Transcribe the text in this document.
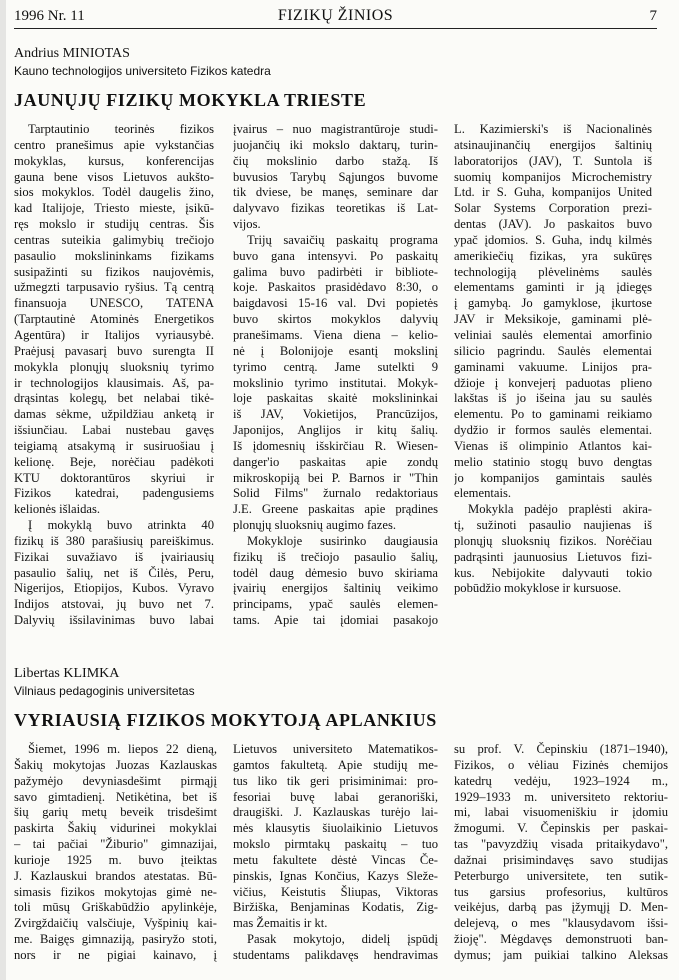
1996 Nr. 11	FIZIKŲ ŽINIOS	7
Andrius MINIOTAS
Kauno technologijos universiteto Fizikos katedra
JAUNŲJŲ FIZIKŲ MOKYKLA TRIESTE
Tarptautinio teorinės fizikos
centro pranešimus apie vykstančias
mokyklas, kursus, konferencijas
gauna bene visos Lietuvos aukšto-
sios mokyklos. Todėl daugelis žino,
kad Italijoje, Triesto mieste, įsikū-
ręs mokslo ir studijų centras. Šis
centras suteikia galimybių trečiojo
pasaulio mokslininkams fizikams
susipažinti su fizikos naujovėmis,
užmegzti tarpusavio ryšius. Tą centrą
finansuoja UNESCO, TATENA
(Tarptautinė Atominės Energetikos
Agentūra) ir Italijos vyriausybė.
Praėjusį pavasarį buvo surengta II
mokykla plonųjų sluoksnių tyrimo
ir technologijos klausimais. Aš, pa-
drąsintas kolegų, bet nelabai tikė-
damas sėkme, užpildžiau anketą ir
išsiunčiau. Labai nustebau gavęs
teigiamą atsakymą ir susiruošiau į
kelionę. Beje, norėčiau padėkoti
KTU doktorantūros skyriui ir
Fizikos katedrai, padengusiems
kelionės išlaidas.
Į mokyklą buvo atrinkta 40
fizikų iš 380 parašiusių pareiškimus.
Fizikai suvažiavo iš įvairiausių
pasaulio šalių, net iš Čilės, Peru,
Nigerijos, Etiopijos, Kubos. Vyravo
Indijos atstovai, jų buvo net 7.
Dalyvių išsilavinimas buvo labai
įvairus – nuo magistrantūroje studi-
juojančių iki mokslo daktarų, turin-
čių mokslinio darbo stažą. Iš
buvusios Tarybų Sąjungos buvome
tik dviese, be manęs, seminare dar
dalyvavo fizikas teoretikas iš Lat-
vijos.
Trijų savaičių paskaitų programa
buvo gana intensyvi. Po paskaitų
galima buvo padirbėti ir bibliote-
koje. Paskaitos prasidėdavo 8:30, o
baigdavosi 15-16 val. Dvi popietės
buvo skirtos mokyklos dalyvių
pranešimams. Viena diena – kelio-
nė į Bolonijoje esantį mokslinį
tyrimo centrą. Jame sutelkti 9
mokslinio tyrimo institutai. Mokyk-
loje paskaitas skaitė mokslininkai
iš JAV, Vokietijos, Prancūzijos,
Japonijos, Anglijos ir kitų šalių.
Iš įdomesnių išskirčiau R. Wiesen-
danger'io paskaitas apie zondų
mikroskopiją bei P. Barnos ir "Thin
Solid Films" žurnalo redaktoriaus
J.E. Greene paskaitas apie prądines
plonųjų sluoksnių augimo fazes.
Mokykloje susirinko daugiausia
fizikų iš trečiojo pasaulio šalių,
todėl daug dėmesio buvo skiriama
įvairių energijos šaltinių veikimo
principams, ypač saulės elemen-
tams. Apie tai įdomiai pasakojo
L. Kazimierski's iš Nacionalinės
atsinaujinančių energijos šaltinių
laboratorijos (JAV), T. Suntola iš
suomių kompanijos Microchemistry
Ltd. ir S. Guha, kompanijos United
Solar Systems Corporation prezi-
dentas (JAV). Jo paskaitos buvo
ypač įdomios. S. Guha, indų kilmės
amerikiečių fizikas, yra sukūręs
technologiją plėvelinėms saulės
elementams gaminti ir ją įdiegęs
į gamybą. Jo gamyklose, įkurtose
JAV ir Meksikoje, gaminami plė-
veliniai saulės elementai amorfinio
silicio pagrindu. Saulės elementai
gaminami vakuume. Linijos pra-
džioje į konvejerį paduotas plieno
lakštas iš jo išeina jau su saulės
elementu. Po to gaminami reikiamo
dydžio ir formos saulės elementai.
Vienas iš olimpinio Atlantos kai-
melio statinio stogų buvo dengtas
jo kompanijos gamintais saulės
elementais.
Mokykla padėjo praplėsti akira-
tį, sužinoti pasaulio naujienas iš
plonųjų sluoksnių fizikos. Norėčiau
padrąsinti jaunuosius Lietuvos fizi-
kus. Nebijokite dalyvauti tokio
pobūdžio mokyklose ir kursuose.
Libertas KLIMKA
Vilniaus pedagoginis universitetas
VYRIAUSIĄ FIZIKOS MOKYTOJĄ APLANKIUS
Šiemet, 1996 m. liepos 22 dieną,
Šakių mokytojas Juozas Kazlauskas
pažymėjo devyniasdešimt pirmąjį
savo gimtadienį. Netikėtina, bet iš
šių garių metų beveik trisdešimt
paskirta Šakių vidurinei mokyklai
– tai pačiai "Žiburio" gimnazijai,
kurioje 1925 m. buvo įteiktas
J. Kazlauskui brandos atestatas. Bū-
simasis fizikos mokytojas gimė ne-
toli mūsų Griškabūdžio apylinkėje,
Zvirgždaičių valsčiuje, Vyšpinių kai-
me. Baigęs gimnaziją, pasiryžo stoti,
nors ir ne pigiai kainavo, į
Lietuvos universiteto Matematikos-
gamtos fakultetą. Apie studijų me-
tus liko tik geri prisiminimai: pro-
fesoriai buvę labai geranoriški,
draugiški. J. Kazlauskas turėjo lai-
mės klausytis šiuolaikinio Lietuvos
mokslo pirmtakų paskaitų – tuo
metu fakultete dėstė Vincas Če-
pinskis, Ignas Končius, Kazys Sleže-
vičius, Keistutis Šliupas, Viktoras
Biržiška, Benjaminas Kodatis, Zig-
mas Žemaitis ir kt.
Pasak mokytojo, didelį įspūdį
studentams palikdavęs hendravimas
su prof. V. Čepinskiu (1871–1940),
Fizikos, o vėliau Fizinės chemijos
katedrų vedėju, 1923–1924 m.,
1929–1933 m. universiteto rektoriu-
mi, labai visuomeniškiu ir įdomiu
žmogumi. V. Čepinskis per paskai-
tas "pavyzdžių visada pritaikydavo",
dažnai prisimindavęs savo studijas
Peterburgo universitete, ten sutik-
tus garsius profesorius, kultūros
veikėjus, darbą pas įžymųjį D. Men-
delejevą, o mes "klausydavom išsi-
žioję". Mėgdavęs demonstruoti ban-
dymus; jam puikiai talkino Aleksas
